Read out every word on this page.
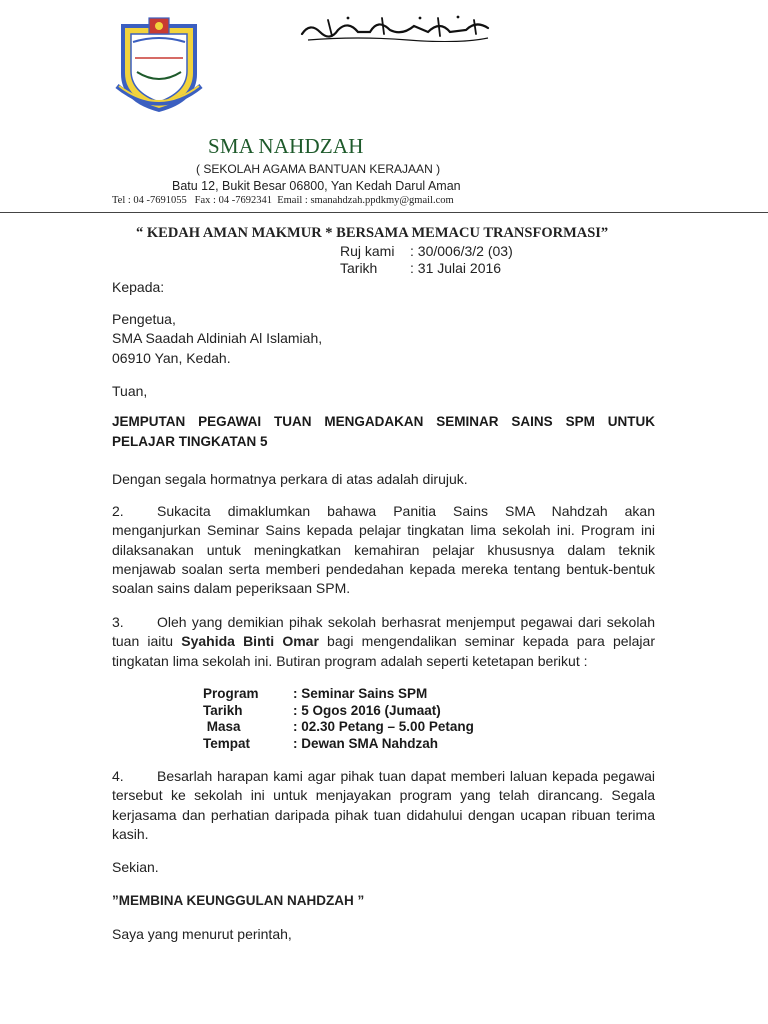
SMA NAHDZAH
( SEKOLAH AGAMA BANTUAN KERAJAAN )
Batu 12, Bukit Besar 06800, Yan Kedah Darul Aman
Tel : 04 -7691055   Fax : 04 -7692341  Email : smanahdzah.ppdkmy@gmail.com
“ KEDAH AMAN MAKMUR * BERSAMA MEMACU TRANSFORMASI”
Ruj kami : 30/006/3/2 (03)
Tarikh : 31 Julai 2016
Kepada:
Pengetua,
SMA Saadah Aldiniah Al Islamiah,
06910 Yan, Kedah.
Tuan,
JEMPUTAN PEGAWAI TUAN MENGADAKAN SEMINAR SAINS SPM UNTUK
PELAJAR TINGKATAN 5
Dengan segala hormatnya perkara di atas adalah dirujuk.
2. Sukacita dimaklumkan bahawa Panitia Sains SMA Nahdzah akan menganjurkan Seminar Sains kepada pelajar tingkatan lima sekolah ini. Program ini dilaksanakan untuk meningkatkan kemahiran pelajar khususnya dalam teknik menjawab soalan serta memberi pendedahan kepada mereka tentang bentuk-bentuk soalan sains dalam peperiksaan SPM.
3. Oleh yang demikian pihak sekolah berhasrat menjemput pegawai dari sekolah tuan iaitu Syahida Binti Omar bagi mengendalikan seminar kepada para pelajar tingkatan lima sekolah ini. Butiran program adalah seperti ketetapan berikut :
Program	: Seminar Sains SPM
Tarikh	: 5 Ogos 2016 (Jumaat)
Masa	: 02.30 Petang – 5.00 Petang
Tempat	: Dewan SMA Nahdzah
4. Besarlah harapan kami agar pihak tuan dapat memberi laluan kepada pegawai tersebut ke sekolah ini untuk menjayakan program yang telah dirancang. Segala kerjasama dan perhatian daripada pihak tuan didahului dengan ucapan ribuan terima kasih.
Sekian.
”MEMBINA KEUNGGULAN NAHDZAH ”
Saya yang menurut perintah,
